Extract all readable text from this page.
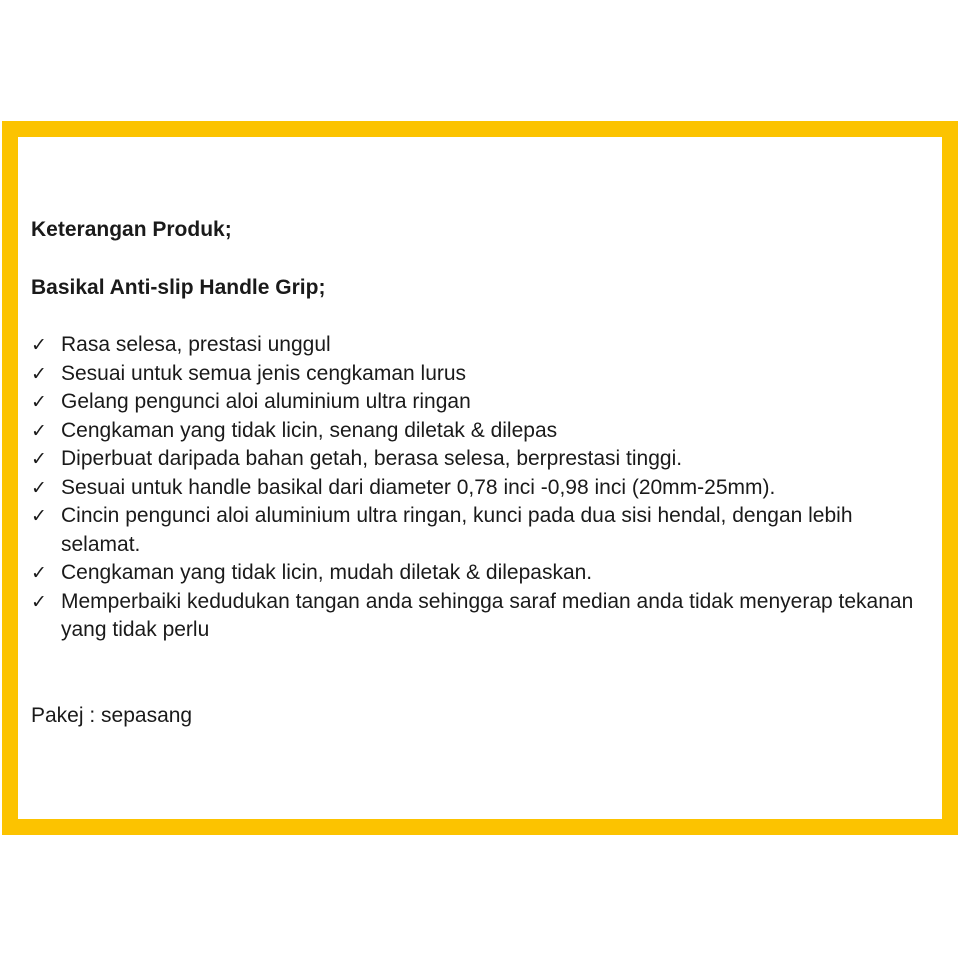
Keterangan Produk;

Basikal Anti-slip Handle Grip;

✓ Rasa selesa, prestasi unggul
✓ Sesuai untuk semua jenis cengkaman lurus
✓ Gelang pengunci aloi aluminium ultra ringan
✓ Cengkaman yang tidak licin, senang diletak & dilepas
✓ Diperbuat daripada bahan getah, berasa selesa, berprestasi tinggi.
✓ Sesuai untuk handle basikal dari diameter 0,78 inci -0,98 inci (20mm-25mm).
✓ Cincin pengunci aloi aluminium ultra ringan, kunci pada dua sisi hendal, dengan lebih selamat.
✓ Cengkaman yang tidak licin, mudah diletak & dilepaskan.
✓ Memperbaiki kedudukan tangan anda sehingga saraf median anda tidak menyerap tekanan yang tidak perlu

Pakej : sepasang
